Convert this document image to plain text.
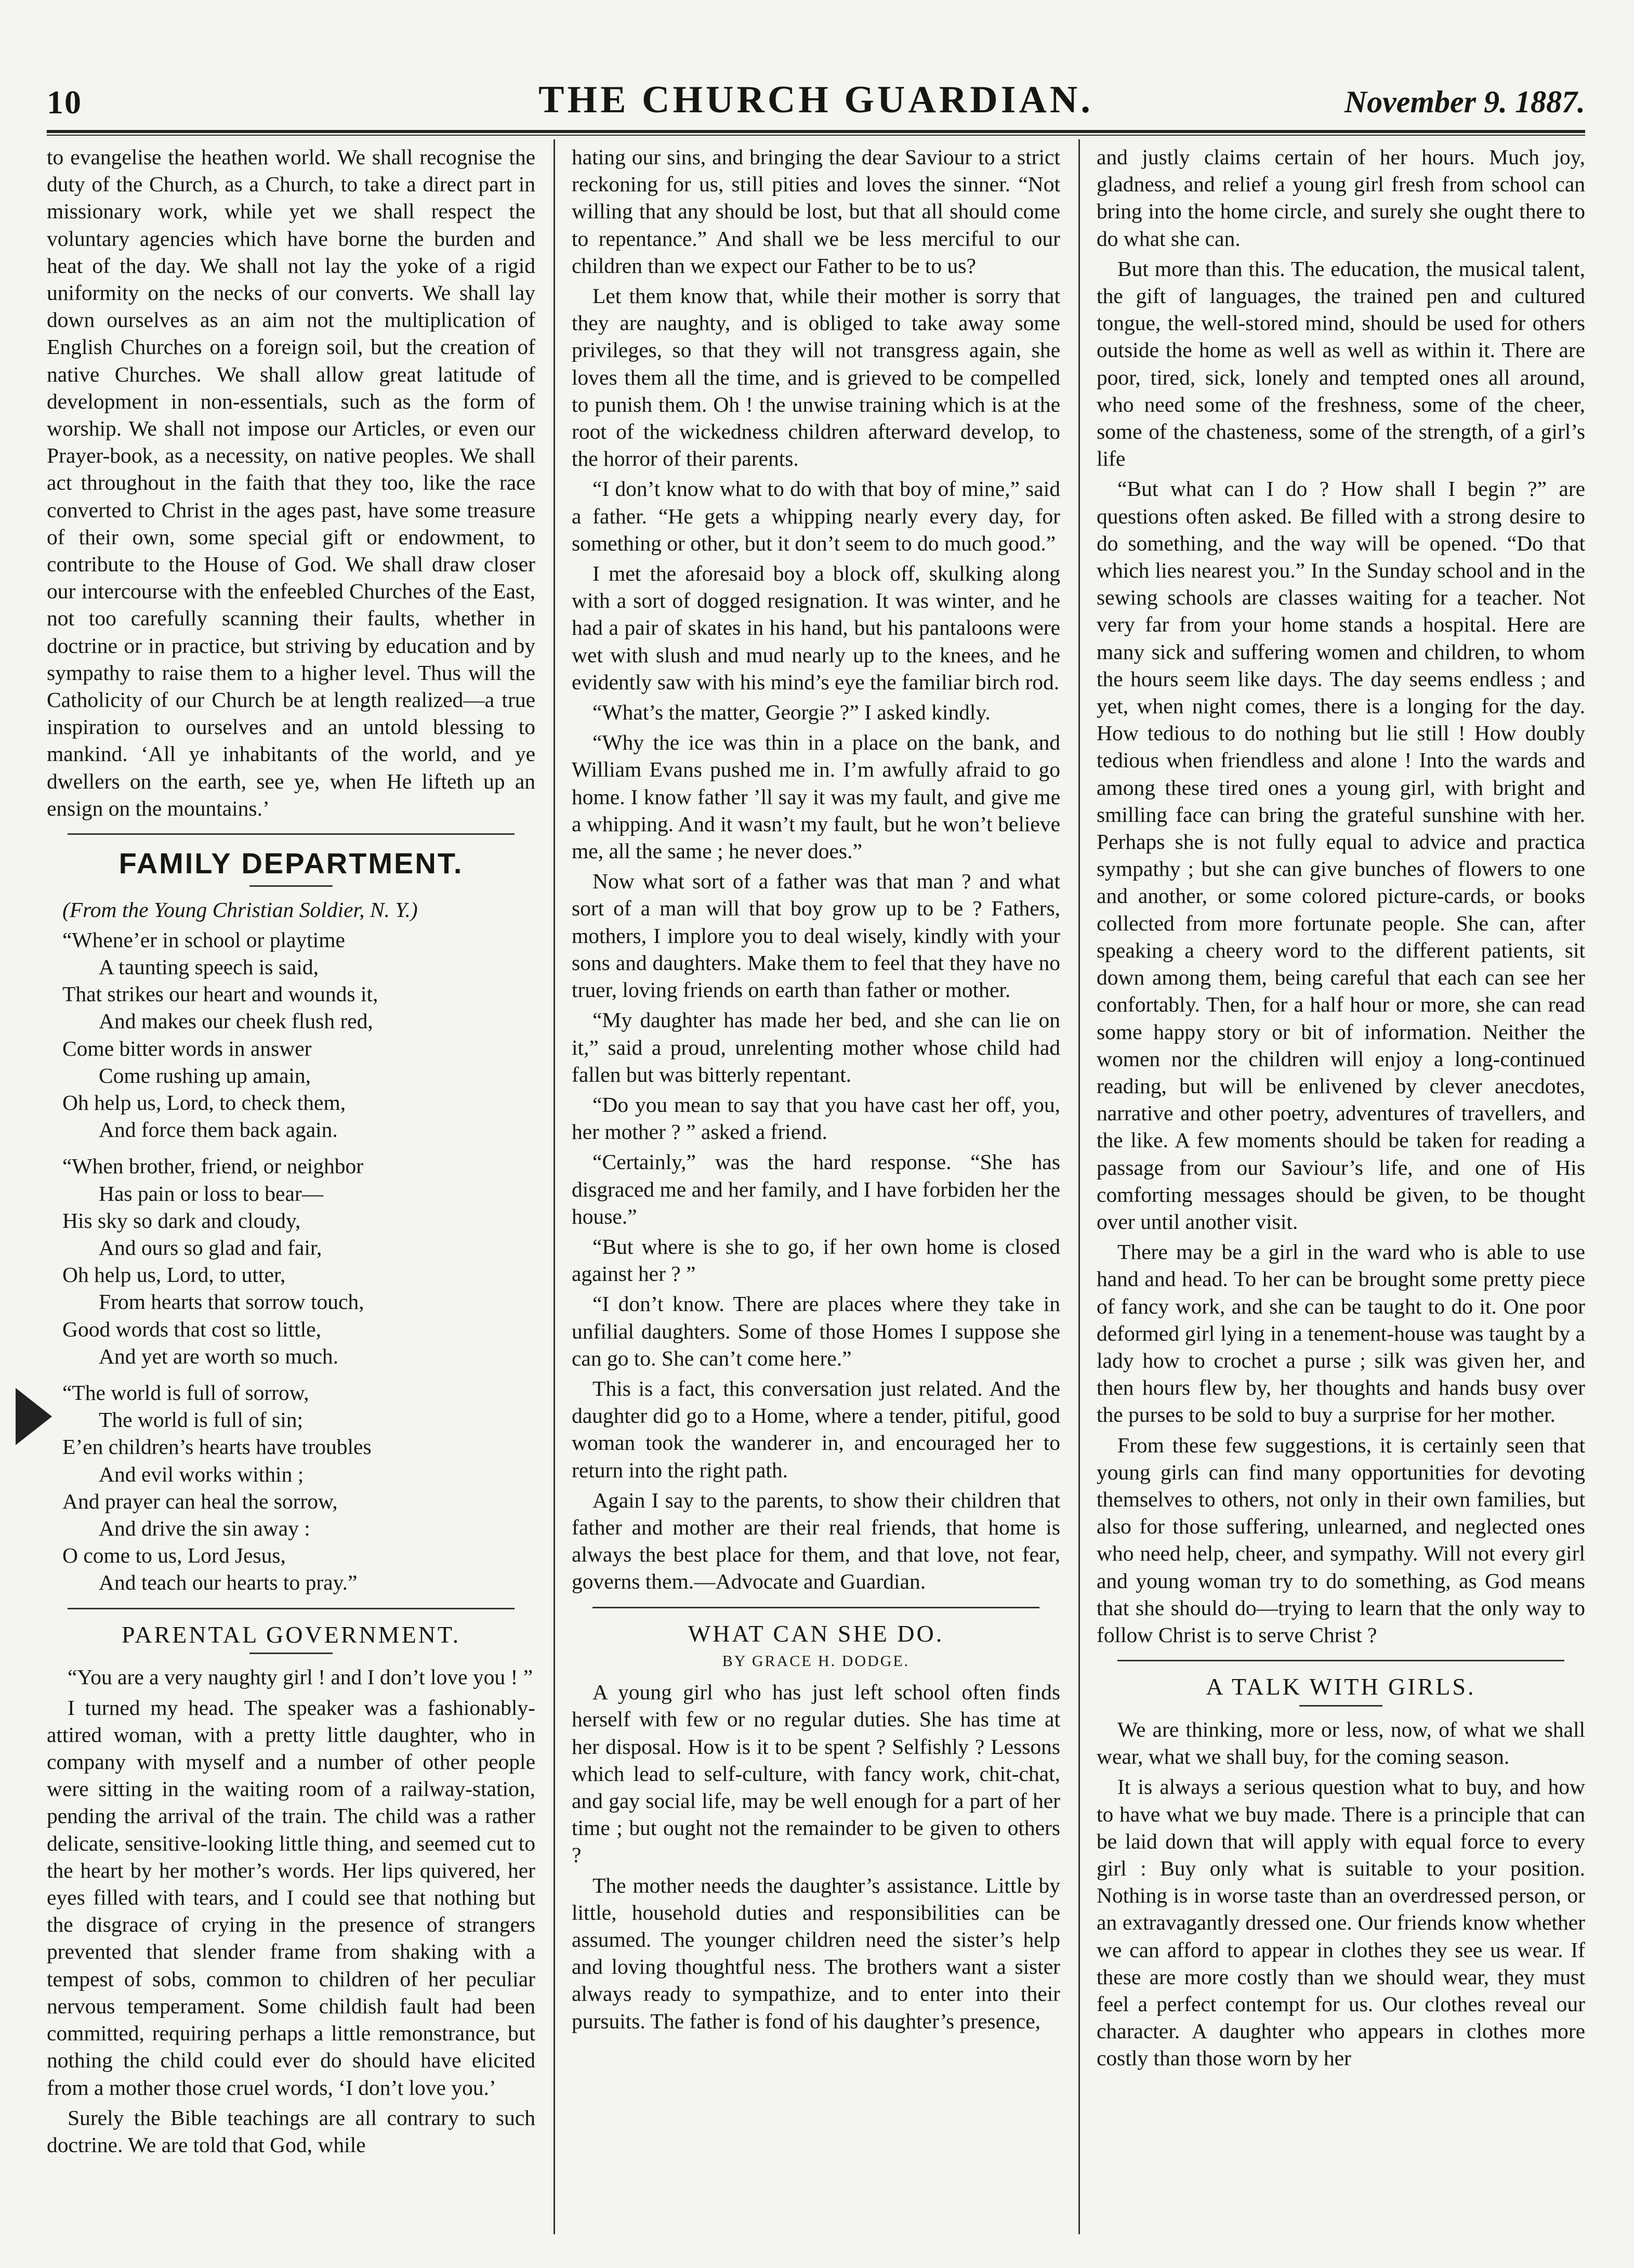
10	THE CHURCH GUARDIAN.	November 9. 1887.

to evangelise the heathen world. We shall recognise the duty of the Church, as a Church, to take a direct part in missionary work, while yet we shall respect the voluntary agencies which have borne the burden and heat of the day. We shall not lay the yoke of a rigid uniformity on the necks of our converts. We shall lay down ourselves as an aim not the multiplication of English Churches on a foreign soil, but the creation of native Churches. We shall allow great latitude of development in non-essentials, such as the form of worship. We shall not impose our Articles, or even our Prayer-book, as a necessity, on native peoples. We shall act throughout in the faith that they too, like the race converted to Christ in the ages past, have some treasure of their own, some special gift or endowment, to contribute to the House of God. We shall draw closer our intercourse with the enfeebled Churches of the East, not too carefully scanning their faults, whether in doctrine or in practice, but striving by education and by sympathy to raise them to a higher level. Thus will the Catholicity of our Church be at length realized—a true inspiration to ourselves and an untold blessing to mankind. ‘All ye inhabitants of the world, and ye dwellers on the earth, see ye, when He lifteth up an ensign on the mountains.’

FAMILY DEPARTMENT.

(From the Young Christian Soldier, N. Y.)

“Whene’er in school or playtime
A taunting speech is said,
That strikes our heart and wounds it,
And makes our cheek flush red,
Come bitter words in answer
Come rushing up amain,
Oh help us, Lord, to check them,
And force them back again.
“When brother, friend, or neighbor
Has pain or loss to bear—
His sky so dark and cloudy,
And ours so glad and fair,
Oh help us, Lord, to utter,
From hearts that sorrow touch,
Good words that cost so little,
And yet are worth so much.
“The world is full of sorrow,
The world is full of sin;
E’en children’s hearts have troubles
And evil works within ;
And prayer can heal the sorrow,
And drive the sin away :
O come to us, Lord Jesus,
And teach our hearts to pray.”
PARENTAL GOVERNMENT.

“You are a very naughty girl ! and I don’t love you ! ”

I turned my head. The speaker was a fashionably-attired woman, with a pretty little daughter, who in company with myself and a number of other people were sitting in the waiting room of a railway-station, pending the arrival of the train. The child was a rather delicate, sensitive-looking little thing, and seemed cut to the heart by her mother’s words. Her lips quivered, her eyes filled with tears, and I could see that nothing but the disgrace of crying in the presence of strangers prevented that slender frame from shaking with a tempest of sobs, common to children of her peculiar nervous temperament. Some childish fault had been committed, requiring perhaps a little remonstrance, but nothing the child could ever do should have elicited from a mother those cruel words, ‘I don’t love you.’

Surely the Bible teachings are all contrary to such doctrine. We are told that God, while

hating our sins, and bringing the dear Saviour to a strict reckoning for us, still pities and loves the sinner. “Not willing that any should be lost, but that all should come to repentance.” And shall we be less merciful to our children than we expect our Father to be to us?

Let them know that, while their mother is sorry that they are naughty, and is obliged to take away some privileges, so that they will not transgress again, she loves them all the time, and is grieved to be compelled to punish them. Oh ! the unwise training which is at the root of the wickedness children afterward develop, to the horror of their parents.

“I don’t know what to do with that boy of mine,” said a father. “He gets a whipping nearly every day, for something or other, but it don’t seem to do much good.”

I met the aforesaid boy a block off, skulking along with a sort of dogged resignation. It was winter, and he had a pair of skates in his hand, but his pantaloons were wet with slush and mud nearly up to the knees, and he evidently saw with his mind’s eye the familiar birch rod.

“What’s the matter, Georgie ?” I asked kindly.

“Why the ice was thin in a place on the bank, and William Evans pushed me in. I’m awfully afraid to go home. I know father ’ll say it was my fault, and give me a whipping. And it wasn’t my fault, but he won’t believe me, all the same ; he never does.”

Now what sort of a father was that man ? and what sort of a man will that boy grow up to be ? Fathers, mothers, I implore you to deal wisely, kindly with your sons and daughters. Make them to feel that they have no truer, loving friends on earth than father or mother.

“My daughter has made her bed, and she can lie on it,” said a proud, unrelenting mother whose child had fallen but was bitterly repentant.

“Do you mean to say that you have cast her off, you, her mother ? ” asked a friend.

“Certainly,” was the hard response. “She has disgraced me and her family, and I have forbiden her the house.”

“But where is she to go, if her own home is closed against her ? ”

“I don’t know. There are places where they take in unfilial daughters. Some of those Homes I suppose she can go to. She can’t come here.”

This is a fact, this conversation just related. And the daughter did go to a Home, where a tender, pitiful, good woman took the wanderer in, and encouraged her to return into the right path.

Again I say to the parents, to show their children that father and mother are their real friends, that home is always the best place for them, and that love, not fear, governs them.—Advocate and Guardian.

WHAT CAN SHE DO.
BY GRACE H. DODGE.

A young girl who has just left school often finds herself with few or no regular duties. She has time at her disposal. How is it to be spent ? Selfishly ? Lessons which lead to self-culture, with fancy work, chit-chat, and gay social life, may be well enough for a part of her time ; but ought not the remainder to be given to others ?

The mother needs the daughter’s assistance. Little by little, household duties and responsibilities can be assumed. The younger children need the sister’s help and loving thoughtful ness. The brothers want a sister always ready to sympathize, and to enter into their pursuits. The father is fond of his daughter’s presence,

and justly claims certain of her hours. Much joy, gladness, and relief a young girl fresh from school can bring into the home circle, and surely she ought there to do what she can.

But more than this. The education, the musical talent, the gift of languages, the trained pen and cultured tongue, the well-stored mind, should be used for others outside the home as well as well as within it. There are poor, tired, sick, lonely and tempted ones all around, who need some of the freshness, some of the cheer, some of the chasteness, some of the strength, of a girl’s life

“But what can I do ? How shall I begin ?” are questions often asked. Be filled with a strong desire to do something, and the way will be opened. “Do that which lies nearest you.” In the Sunday school and in the sewing schools are classes waiting for a teacher. Not very far from your home stands a hospital. Here are many sick and suffering women and children, to whom the hours seem like days. The day seems endless ; and yet, when night comes, there is a longing for the day. How tedious to do nothing but lie still ! How doubly tedious when friendless and alone ! Into the wards and among these tired ones a young girl, with bright and smilling face can bring the grateful sunshine with her. Perhaps she is not fully equal to advice and practica sympathy ; but she can give bunches of flowers to one and another, or some colored picture-cards, or books collected from more fortunate people. She can, after speaking a cheery word to the different patients, sit down among them, being careful that each can see her confortably. Then, for a half hour or more, she can read some happy story or bit of information. Neither the women nor the children will enjoy a long-continued reading, but will be enlivened by clever anecdotes, narrative and other poetry, adventures of travellers, and the like. A few moments should be taken for reading a passage from our Saviour’s life, and one of His comforting messages should be given, to be thought over until another visit.

There may be a girl in the ward who is able to use hand and head. To her can be brought some pretty piece of fancy work, and she can be taught to do it. One poor deformed girl lying in a tenement-house was taught by a lady how to crochet a purse ; silk was given her, and then hours flew by, her thoughts and hands busy over the purses to be sold to buy a surprise for her mother.

From these few suggestions, it is certainly seen that young girls can find many opportunities for devoting themselves to others, not only in their own families, but also for those suffering, unlearned, and neglected ones who need help, cheer, and sympathy. Will not every girl and young woman try to do something, as God means that she should do—trying to learn that the only way to follow Christ is to serve Christ ?

A TALK WITH GIRLS.

We are thinking, more or less, now, of what we shall wear, what we shall buy, for the coming season.

It is always a serious question what to buy, and how to have what we buy made. There is a principle that can be laid down that will apply with equal force to every girl : Buy only what is suitable to your position. Nothing is in worse taste than an overdressed person, or an extravagantly dressed one. Our friends know whether we can afford to appear in clothes they see us wear. If these are more costly than we should wear, they must feel a perfect contempt for us. Our clothes reveal our character. A daughter who appears in clothes more costly than those worn by her
